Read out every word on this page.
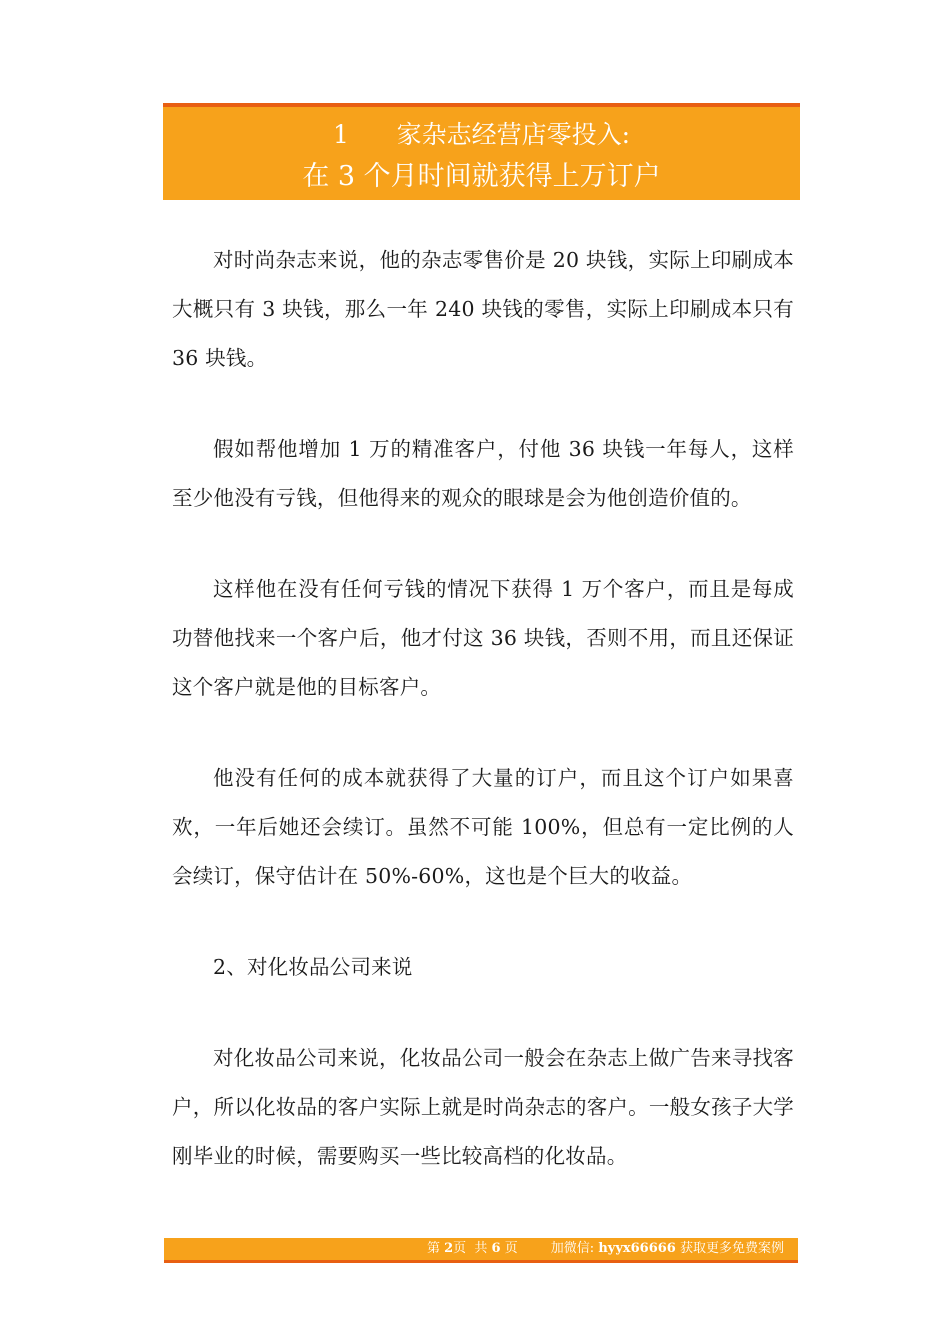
1      家杂志经营店零投入:
在 3 个月时间就获得上万订户

对时尚杂志来说，他的杂志零售价是 20 块钱，实际上印刷成本大概只有 3 块钱，那么一年 240 块钱的零售，实际上印刷成本只有 36 块钱。

假如帮他增加 1 万的精准客户，付他 36 块钱一年每人，这样至少他没有亏钱，但他得来的观众的眼球是会为他创造价值的。

这样他在没有任何亏钱的情况下获得 1 万个客户，而且是每成功替他找来一个客户后，他才付这 36 块钱，否则不用，而且还保证这个客户就是他的目标客户。

他没有任何的成本就获得了大量的订户，而且这个订户如果喜欢，一年后她还会续订。虽然不可能 100%，但总有一定比例的人会续订，保守估计在 50%-60%，这也是个巨大的收益。

2、对化妆品公司来说

对化妆品公司来说，化妆品公司一般会在杂志上做广告来寻找客户，所以化妆品的客户实际上就是时尚杂志的客户。一般女孩子大学刚毕业的时候，需要购买一些比较高档的化妆品。

第 2页  共 6 页	加微信: hyyx66666 获取更多免费案例
